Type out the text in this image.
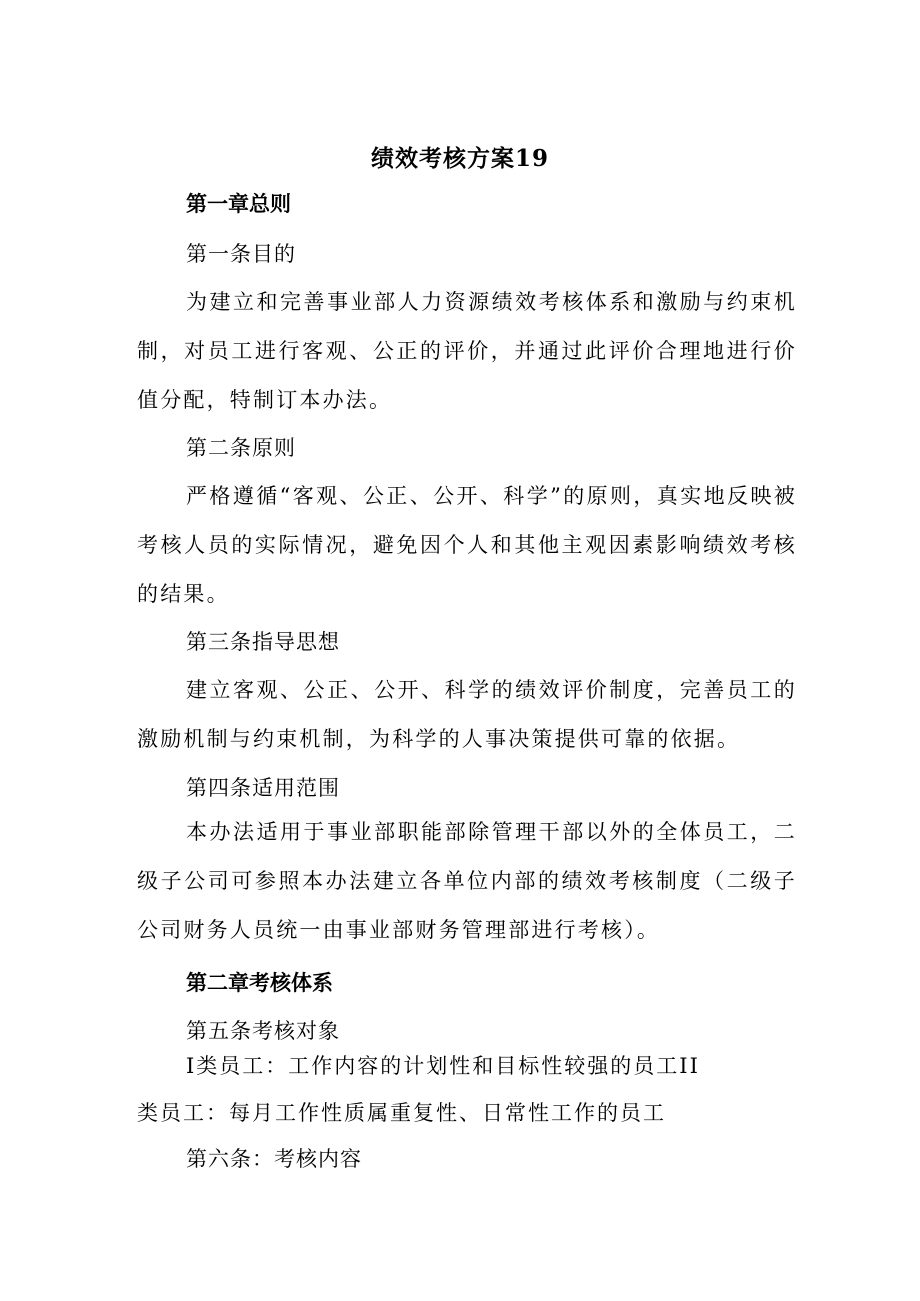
绩效考核方案19
第一章总则
第一条目的
为建立和完善事业部人力资源绩效考核体系和激励与约束机制，对员工进行客观、公正的评价，并通过此评价合理地进行价值分配，特制订本办法。
第二条原则
严格遵循“客观、公正、公开、科学”的原则，真实地反映被考核人员的实际情况，避免因个人和其他主观因素影响绩效考核的结果。
第三条指导思想
建立客观、公正、公开、科学的绩效评价制度，完善员工的激励机制与约束机制，为科学的人事决策提供可靠的依据。
第四条适用范围
本办法适用于事业部职能部除管理干部以外的全体员工，二级子公司可参照本办法建立各单位内部的绩效考核制度（二级子公司财务人员统一由事业部财务管理部进行考核）。
第二章考核体系
第五条考核对象
I类员工：工作内容的计划性和目标性较强的员工II
类员工：每月工作性质属重复性、日常性工作的员工
第六条：考核内容
